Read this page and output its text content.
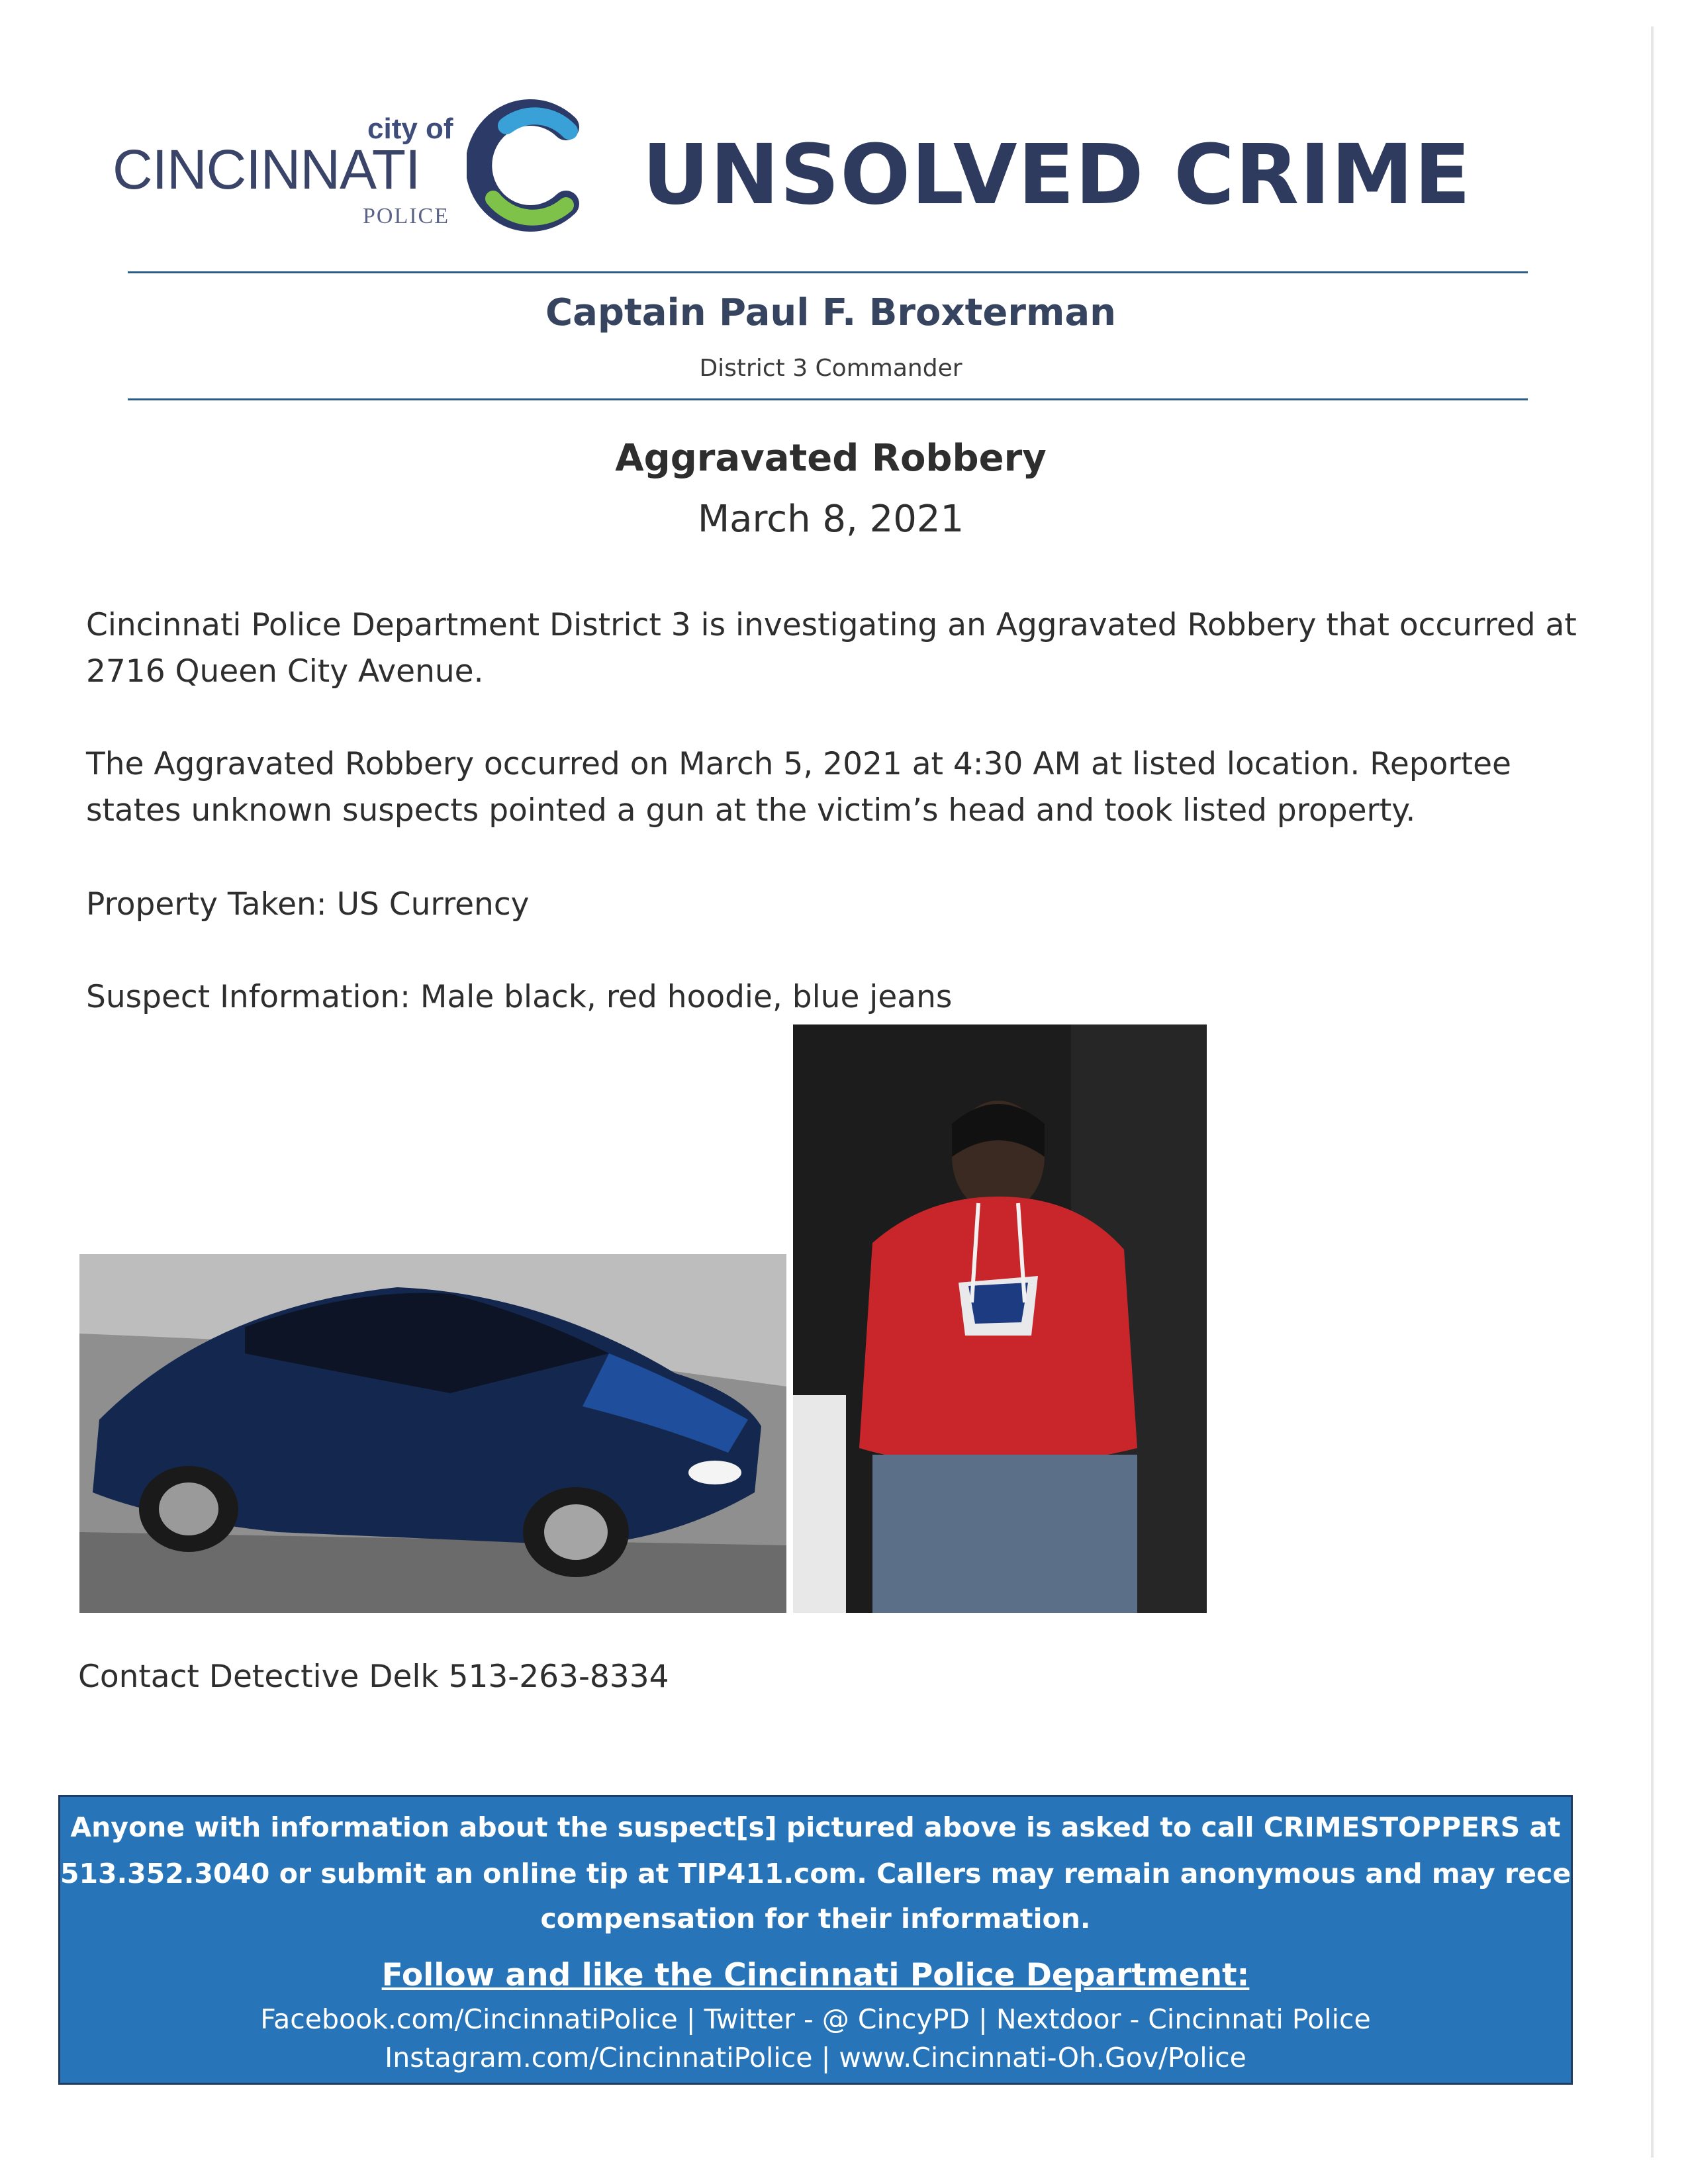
city of
CINCINNATI
POLICE UNSOLVED CRIME
Captain Paul F. Broxterman
District 3 Commander
Aggravated Robbery
March 8, 2021
Cincinnati Police Department District 3 is investigating an Aggravated Robbery that occurred at
2716 Queen City Avenue.
The Aggravated Robbery occurred on March 5, 2021 at 4:30 AM at listed location. Reportee
states unknown suspects pointed a gun at the victim’s head and took listed property.
Property Taken: US Currency
Suspect Information: Male black, red hoodie, blue jeans
Contact Detective Delk 513-263-8334
Anyone with information about the suspect[s] pictured above is asked to call CRIMESTOPPERS at
513.352.3040 or submit an online tip at TIP411.com. Callers may remain anonymous and may receive
compensation for their information.
Follow and like the Cincinnati Police Department:
Facebook.com/CincinnatiPolice | Twitter - @ CincyPD | Nextdoor - Cincinnati Police
Instagram.com/CincinnatiPolice | www.Cincinnati-Oh.Gov/Police
